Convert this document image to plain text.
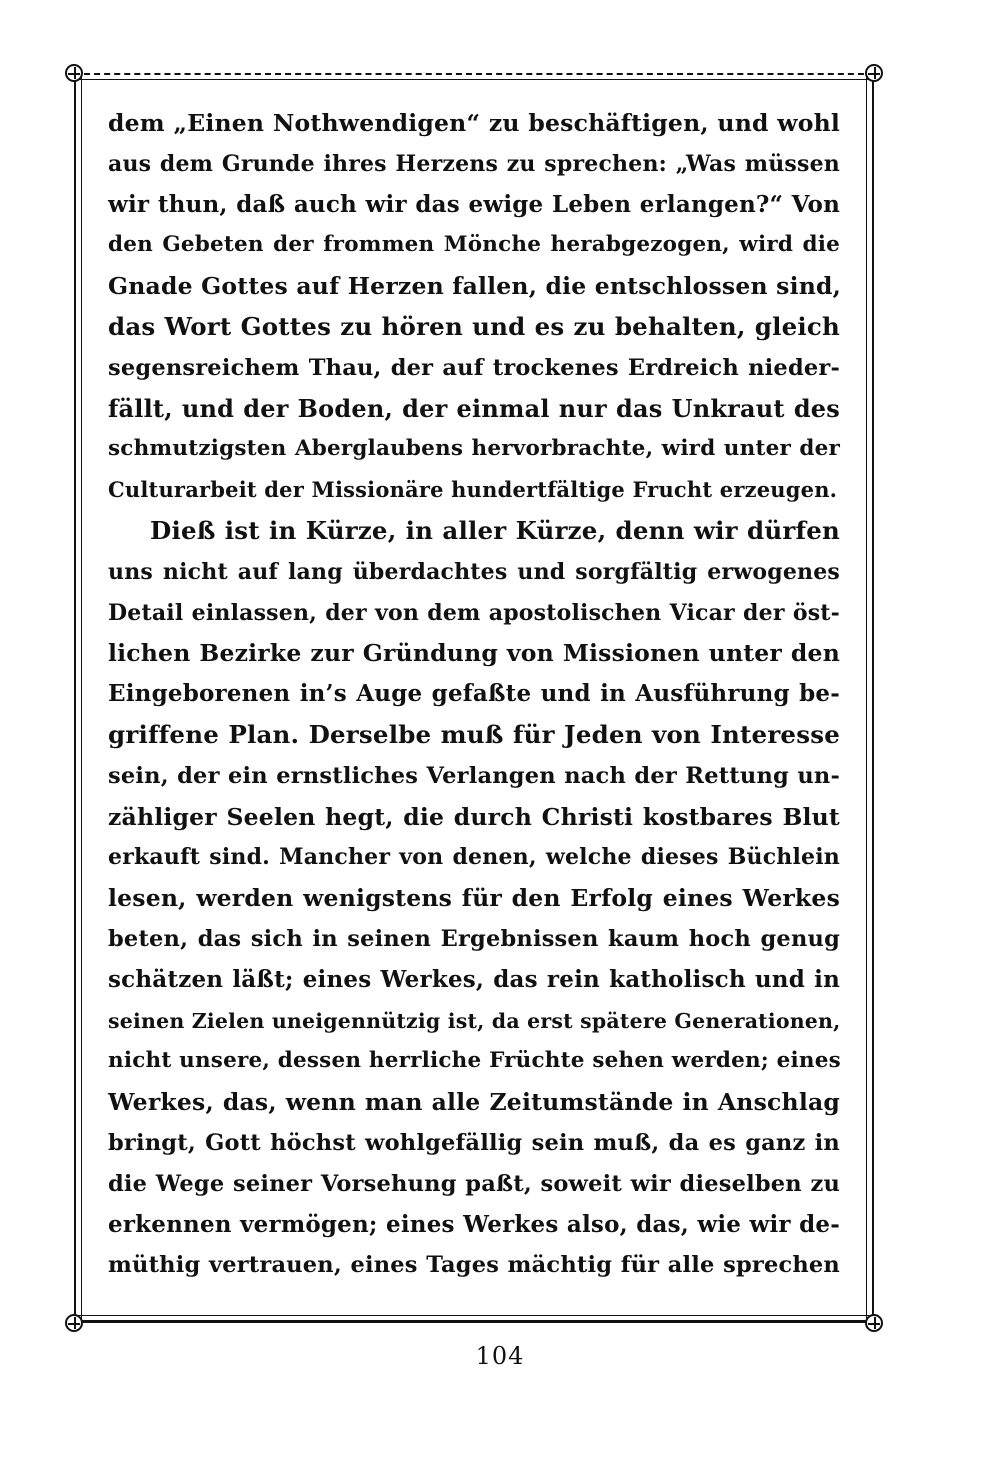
dem „Einen Nothwendigen“ zu beschäftigen, und wohl
aus dem Grunde ihres Herzens zu sprechen: „Was müssen
wir thun, daß auch wir das ewige Leben erlangen?“ Von
den Gebeten der frommen Mönche herabgezogen, wird die
Gnade Gottes auf Herzen fallen, die entschlossen sind,
das Wort Gottes zu hören und es zu behalten, gleich
segensreichem Thau, der auf trockenes Erdreich nieder-
fällt, und der Boden, der einmal nur das Unkraut des
schmutzigsten Aberglaubens hervorbrachte, wird unter der
Culturarbeit der Missionäre hundertfältige Frucht erzeugen.
Dieß ist in Kürze, in aller Kürze, denn wir dürfen
uns nicht auf lang überdachtes und sorgfältig erwogenes
Detail einlassen, der von dem apostolischen Vicar der öst-
lichen Bezirke zur Gründung von Missionen unter den
Eingeborenen in’s Auge gefaßte und in Ausführung be-
griffene Plan. Derselbe muß für Jeden von Interesse
sein, der ein ernstliches Verlangen nach der Rettung un-
zähliger Seelen hegt, die durch Christi kostbares Blut
erkauft sind. Mancher von denen, welche dieses Büchlein
lesen, werden wenigstens für den Erfolg eines Werkes
beten, das sich in seinen Ergebnissen kaum hoch genug
schätzen läßt; eines Werkes, das rein katholisch und in
seinen Zielen uneigennützig ist, da erst spätere Generationen,
nicht unsere, dessen herrliche Früchte sehen werden; eines
Werkes, das, wenn man alle Zeitumstände in Anschlag
bringt, Gott höchst wohlgefällig sein muß, da es ganz in
die Wege seiner Vorsehung paßt, soweit wir dieselben zu
erkennen vermögen; eines Werkes also, das, wie wir de-
müthig vertrauen, eines Tages mächtig für alle sprechen
104
